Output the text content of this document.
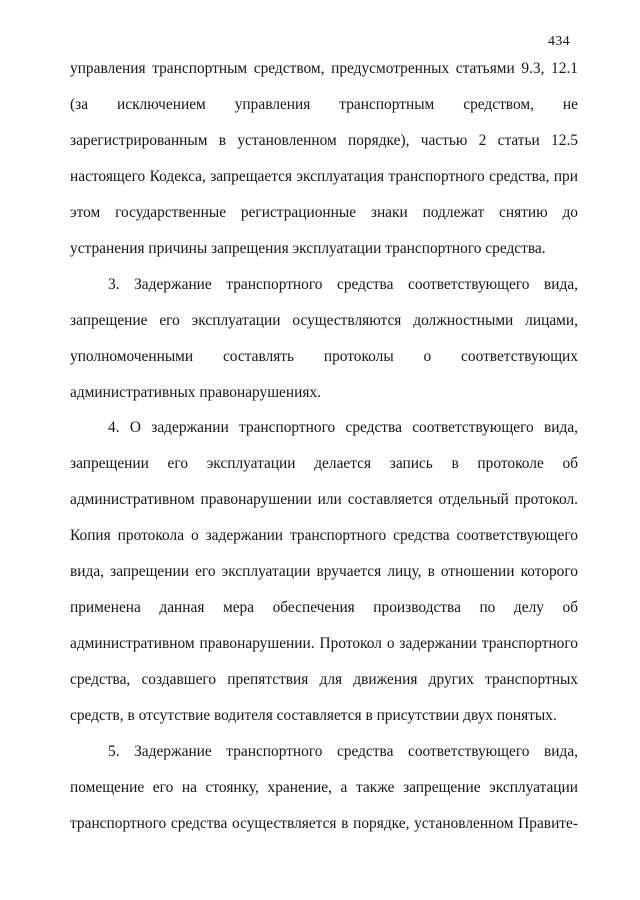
434
управления транспортным средством, предусмотренных статьями 9.3, 12.1
(за исключением управления транспортным средством, не
зарегистрированным в установленном порядке), частью 2 статьи 12.5
настоящего Кодекса, запрещается эксплуатация транспортного средства, при
этом государственные регистрационные знаки подлежат снятию до
устранения причины запрещения эксплуатации транспортного средства.
3. Задержание транспортного средства соответствующего вида,
запрещение его эксплуатации осуществляются должностными лицами,
уполномоченными составлять протоколы о соответствующих
административных правонарушениях.
4. О задержании транспортного средства соответствующего вида,
запрещении его эксплуатации делается запись в протоколе об
административном правонарушении или составляется отдельный протокол.
Копия протокола о задержании транспортного средства соответствующего
вида, запрещении его эксплуатации вручается лицу, в отношении которого
применена данная мера обеспечения производства по делу об
административном правонарушении. Протокол о задержании транспортного
средства, создавшего препятствия для движения других транспортных
средств, в отсутствие водителя составляется в присутствии двух понятых.
5. Задержание транспортного средства соответствующего вида,
помещение его на стоянку, хранение, а также запрещение эксплуатации
транспортного средства осуществляется в порядке, установленном Правите-
